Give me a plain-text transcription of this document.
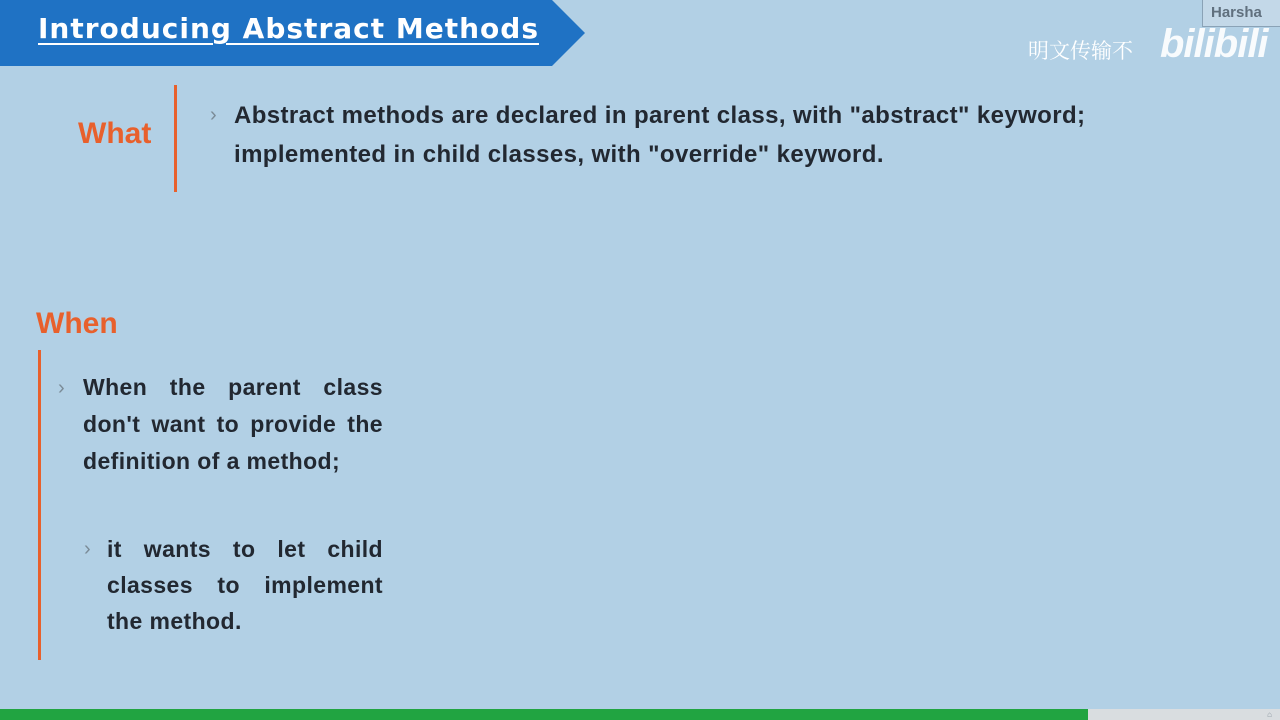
Introducing Abstract Methods	Harsha
明文传输不 bilibili
What
› Abstract methods are declared in parent class, with "abstract" keyword; implemented in child classes, with "override" keyword.
When
› When the parent class don't want to provide the definition of a method;
› it wants to let child classes to implement the method.
⌂
